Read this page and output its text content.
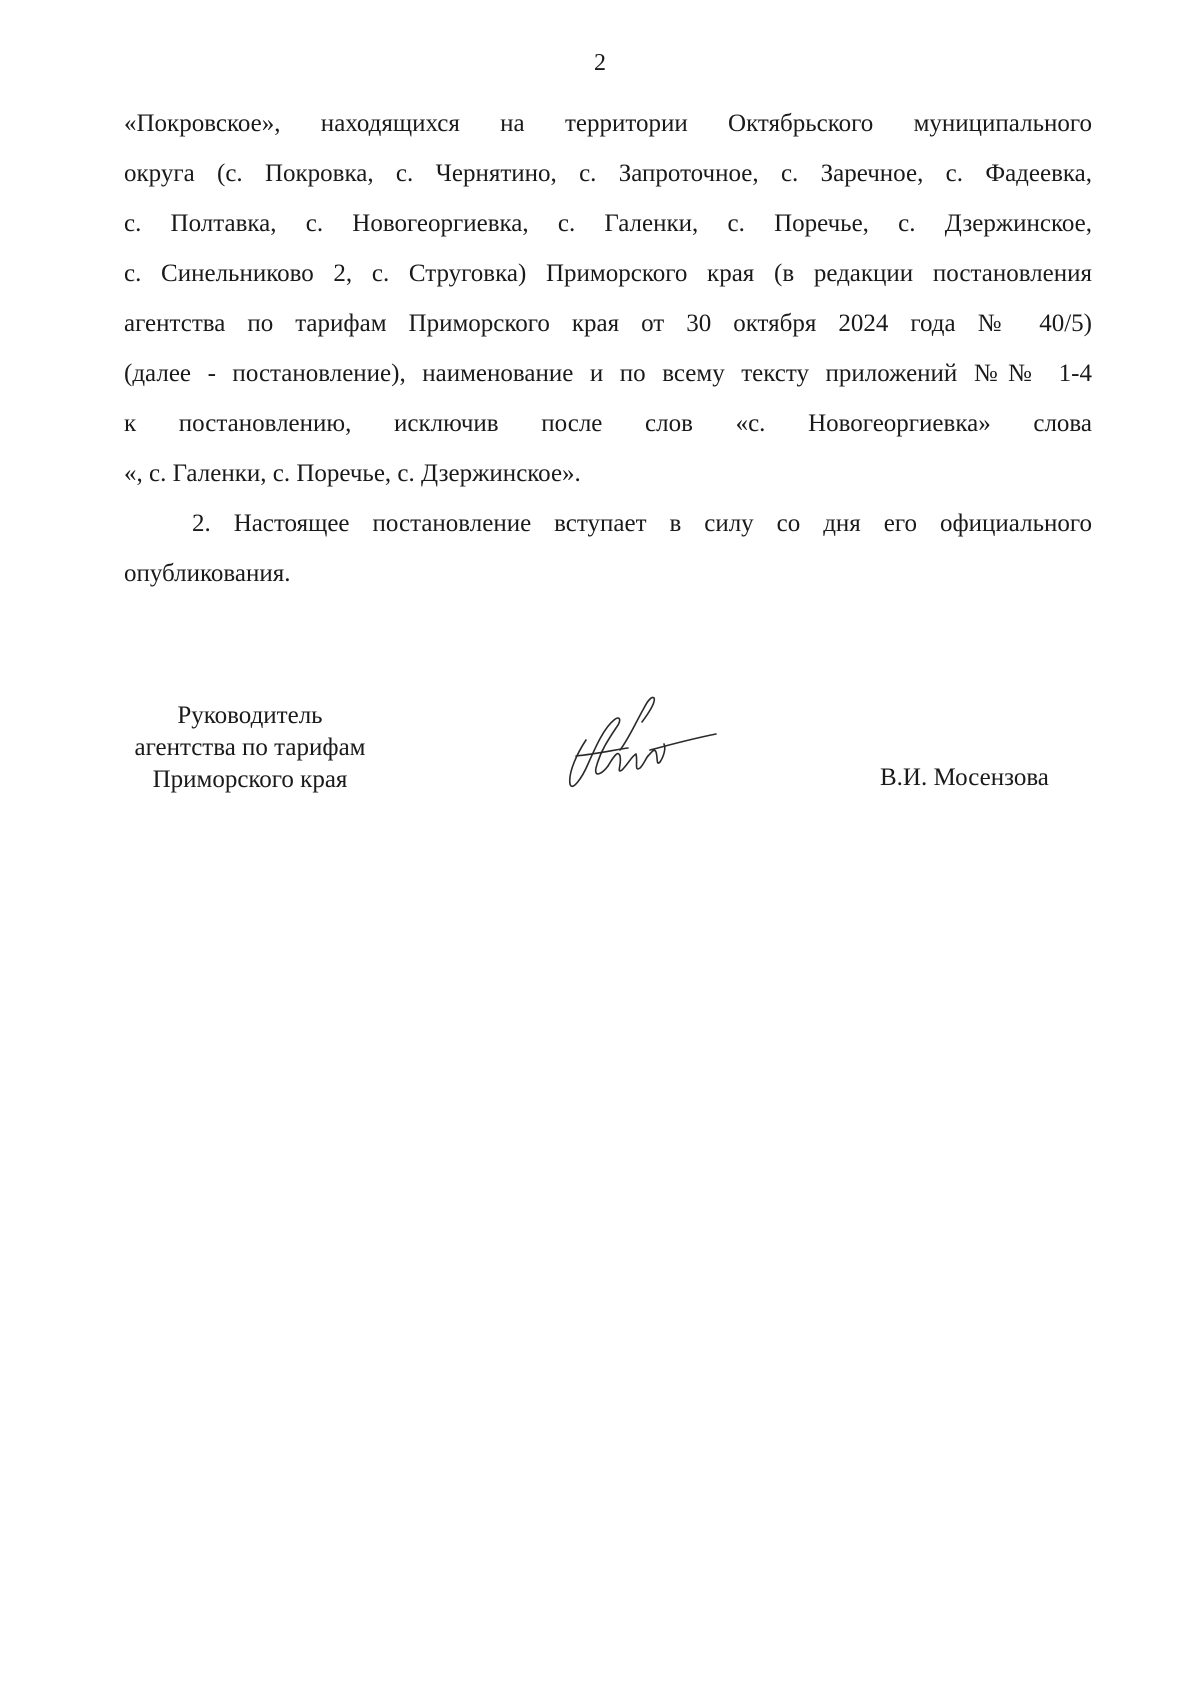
2

«Покровское», находящихся на территории Октябрьского муниципального
округа (с. Покровка, с. Чернятино, с. Запроточное, с. Заречное, с. Фадеевка,
с. Полтавка, с. Новогеоргиевка, с. Галенки, с. Поречье, с. Дзержинское,
с. Синельниково 2, с. Струговка) Приморского края (в редакции постановления
агентства по тарифам Приморского края от 30 октября 2024 года № 40/5)
(далее - постановление), наименование и по всему тексту приложений №№ 1-4
к постановлению, исключив после слов «с. Новогеоргиевка» слова
«, с. Галенки, с. Поречье, с. Дзержинское».

2. Настоящее постановление вступает в силу со дня его официального
опубликования.

Руководитель
агентства по тарифам
Приморского края	В.И. Мосензова
